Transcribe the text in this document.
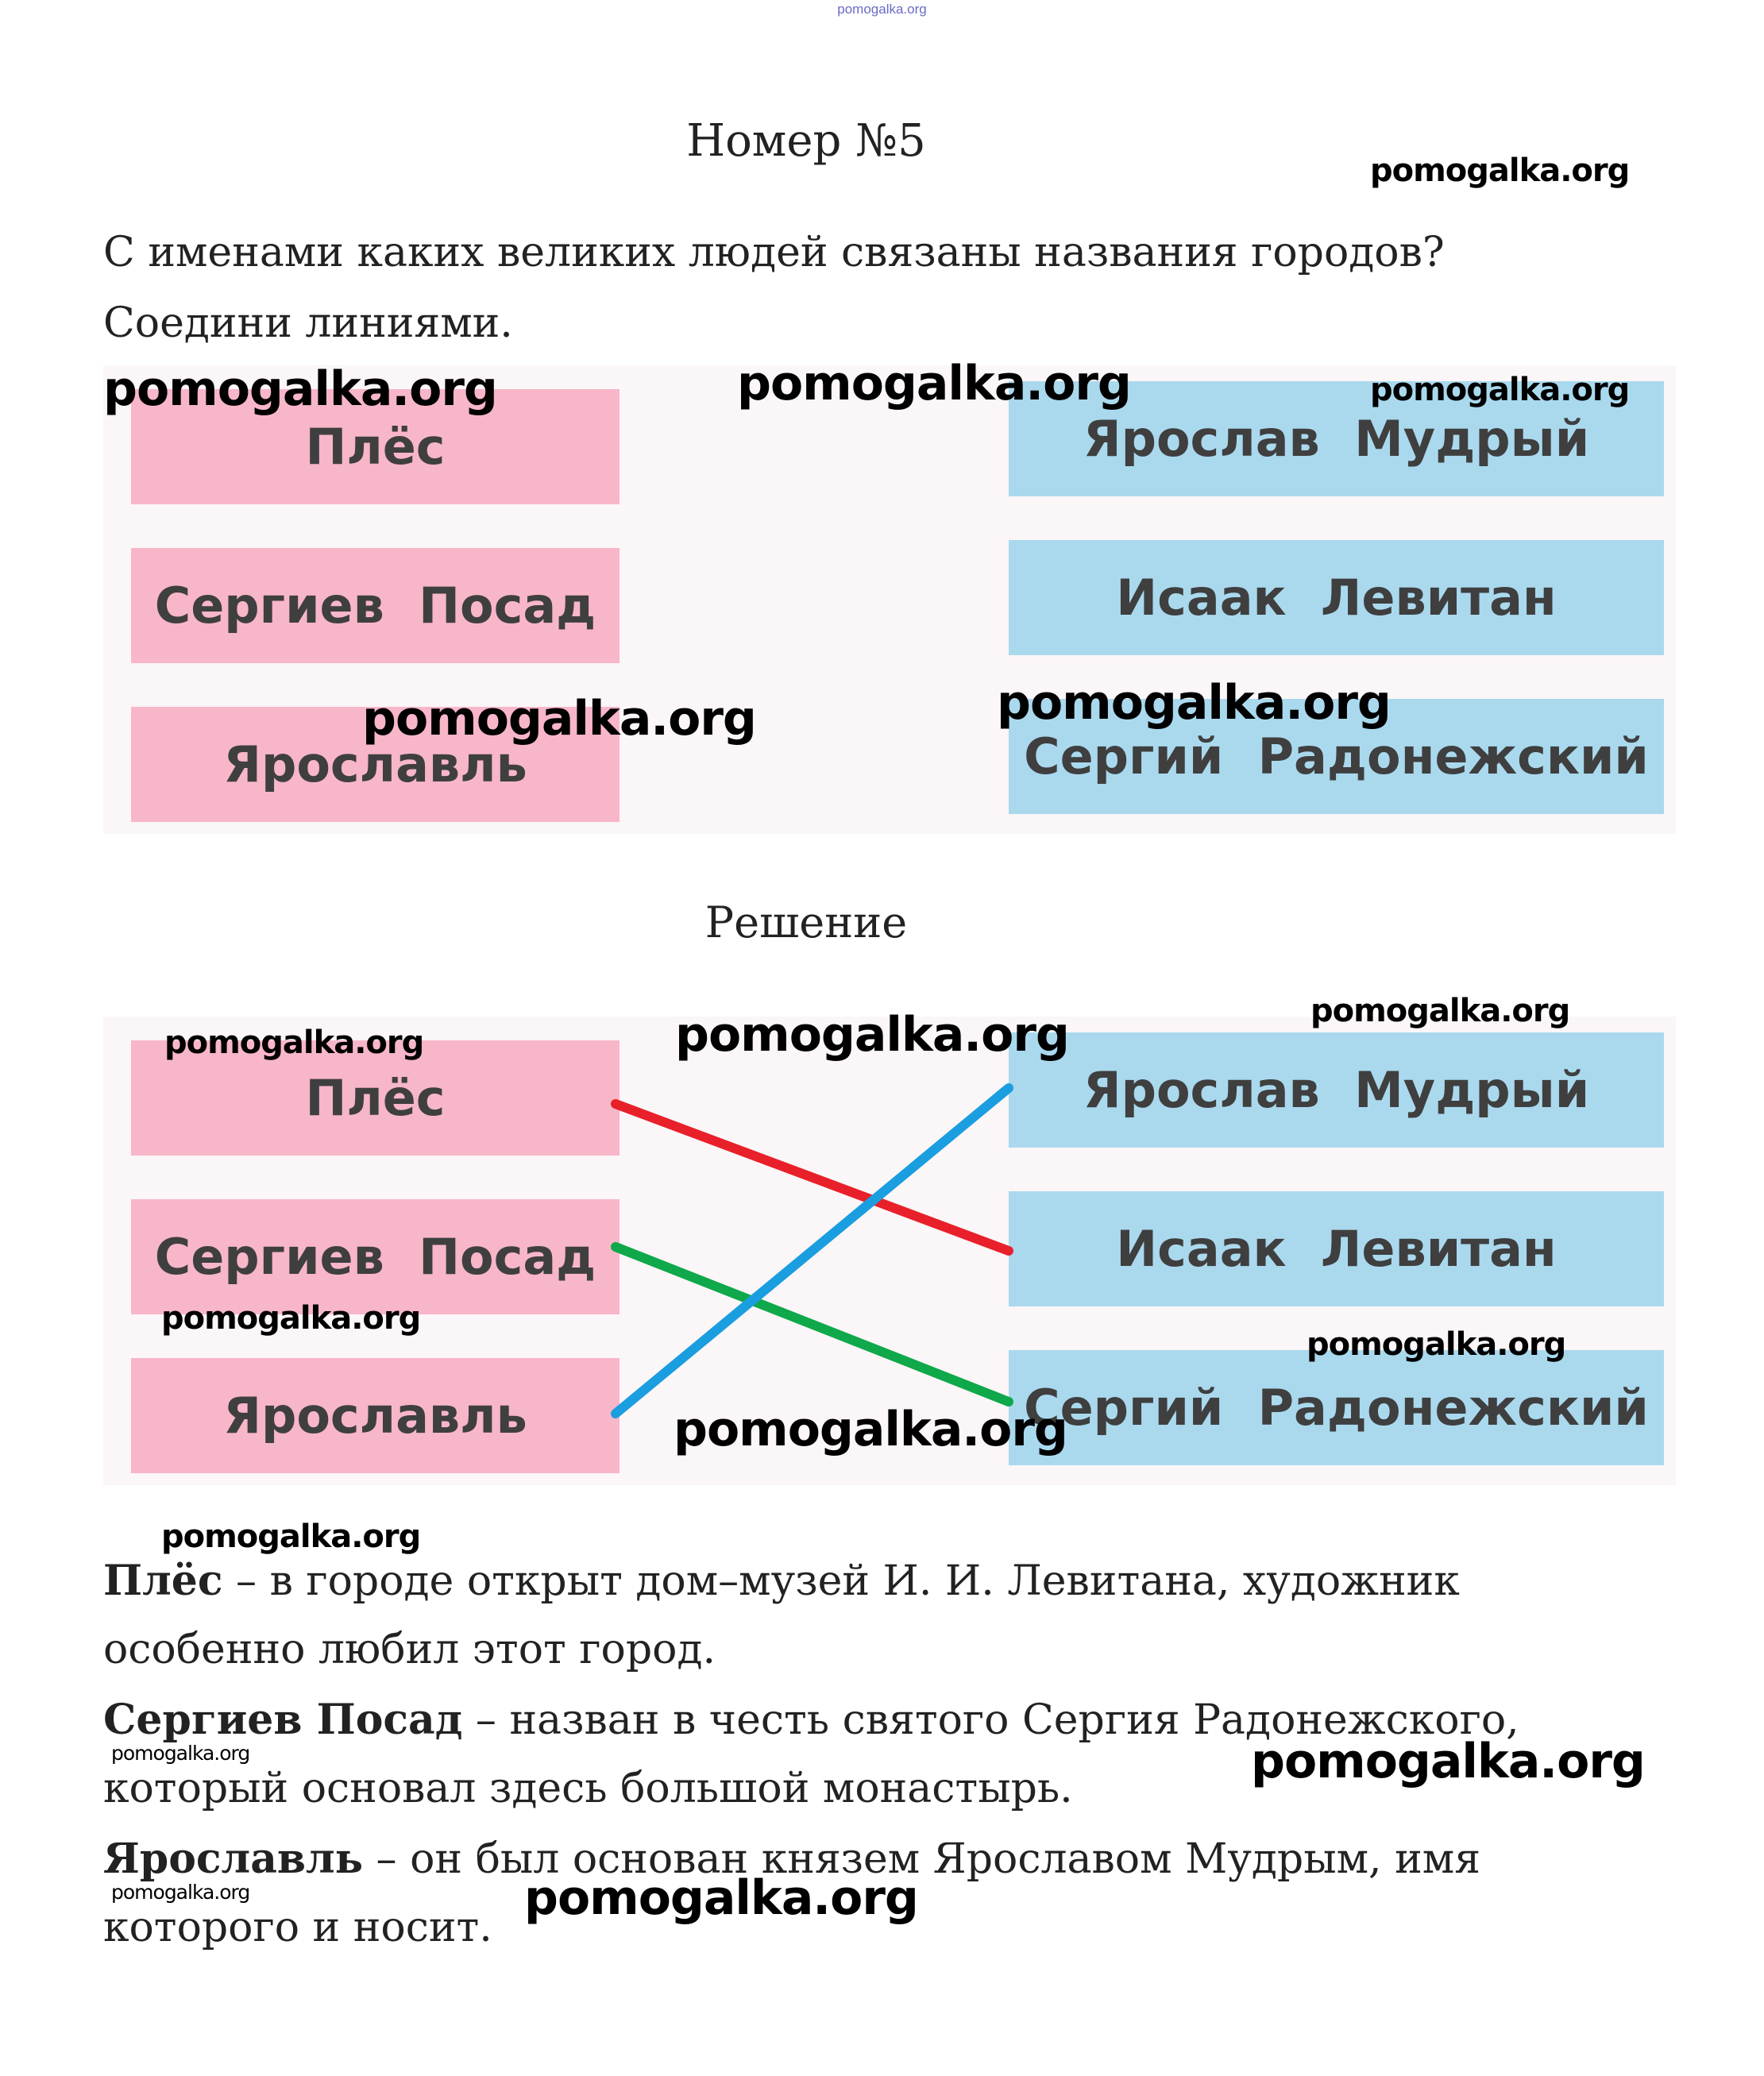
pomogalka.org
Номер №5
С именами каких великих людей связаны названия городов?
Соедини линиями.
Плёс
Сергиев Посад
Ярославль
Ярослав Мудрый
Исаак Левитан
Сергий Радонежский
Решение
Плёс
Сергиев Посад
Ярославль
Ярослав Мудрый
Исаак Левитан
Сергий Радонежский
Плёс – в городе открыт дом–музей И. И. Левитана, художник
особенно любил этот город.
Сергиев Посад – назван в честь святого Сергия Радонежского,
который основал здесь большой монастырь.
Ярославль – он был основан князем Ярославом Мудрым, имя
которого и носит.
pomogalka.org
pomogalka.org	pomogalka.org	pomogalka.org
pomogalka.org	pomogalka.org
pomogalka.org
pomogalka.org	pomogalka.org
pomogalka.org
pomogalka.org
pomogalka.org
pomogalka.org
pomogalka.org	pomogalka.org
pomogalka.org	pomogalka.org
